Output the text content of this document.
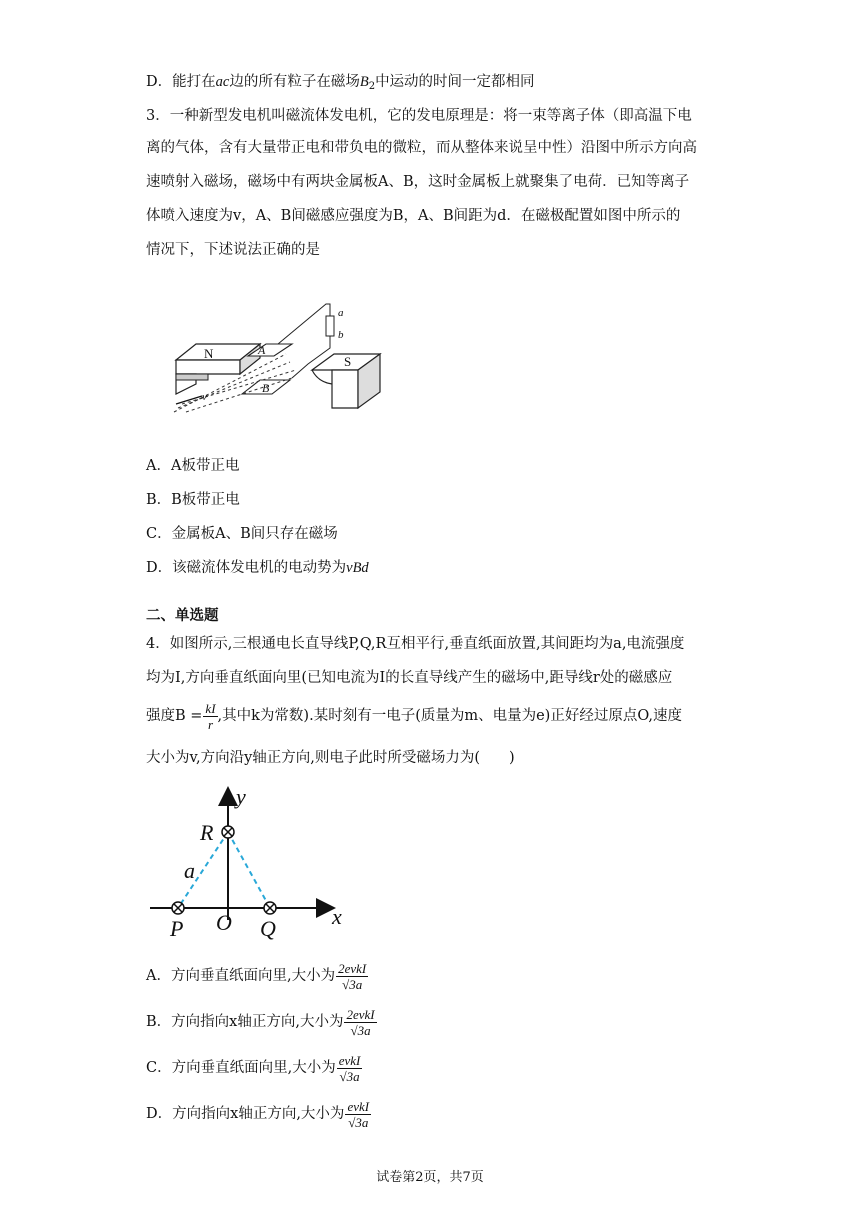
D．能打在ac边的所有粒子在磁场$B_2$中运动的时间一定都相同
3．一种新型发电机叫磁流体发电机，它的发电原理是：将一束等离子体（即高温下电
离的气体，含有大量带正电和带负电的微粒，而从整体来说呈中性）沿图中所示方向高
速喷射入磁场，磁场中有两块金属板A、B，这时金属板上就聚集了电荷．已知等离子
体喷入速度为v，A、B间磁感应强度为B，A、B间距为d．在磁极配置如图中所示的
情况下，下述说法正确的是
N	A
B
v
S
a
b
A．A板带正电
B．B板带正电
C．金属板A、B间只存在磁场
D．该磁流体发电机的电动势为vBd
二、单选题
4．如图所示,三根通电长直导线P,Q,R互相平行,垂直纸面放置,其间距均为a,电流强度
均为I,方向垂直纸面向里(已知电流为I的长直导线产生的磁场中,距导线r处的磁感应
强度$B = \frac{kI}{r}$ ,其中k为常数).某时刻有一电子(质量为m、电量为e)正好经过原点O,速度
大小为v,方向沿y轴正方向,则电子此时所受磁场力为(　　)
y
x
R
P	Q
O
a
A．方向垂直纸面向里,大小为 $\frac{\text{2evkI}}{√3a}$
B．方向指向x轴正方向,大小为 $\frac{\text{2evkI}}{√3a}$
C．方向垂直纸面向里,大小为 $\frac{\text{evkI}}{√3a}$
D．方向指向x轴正方向,大小为 $\frac{\text{evkI}}{√3a}$
试卷第2页，共7页
